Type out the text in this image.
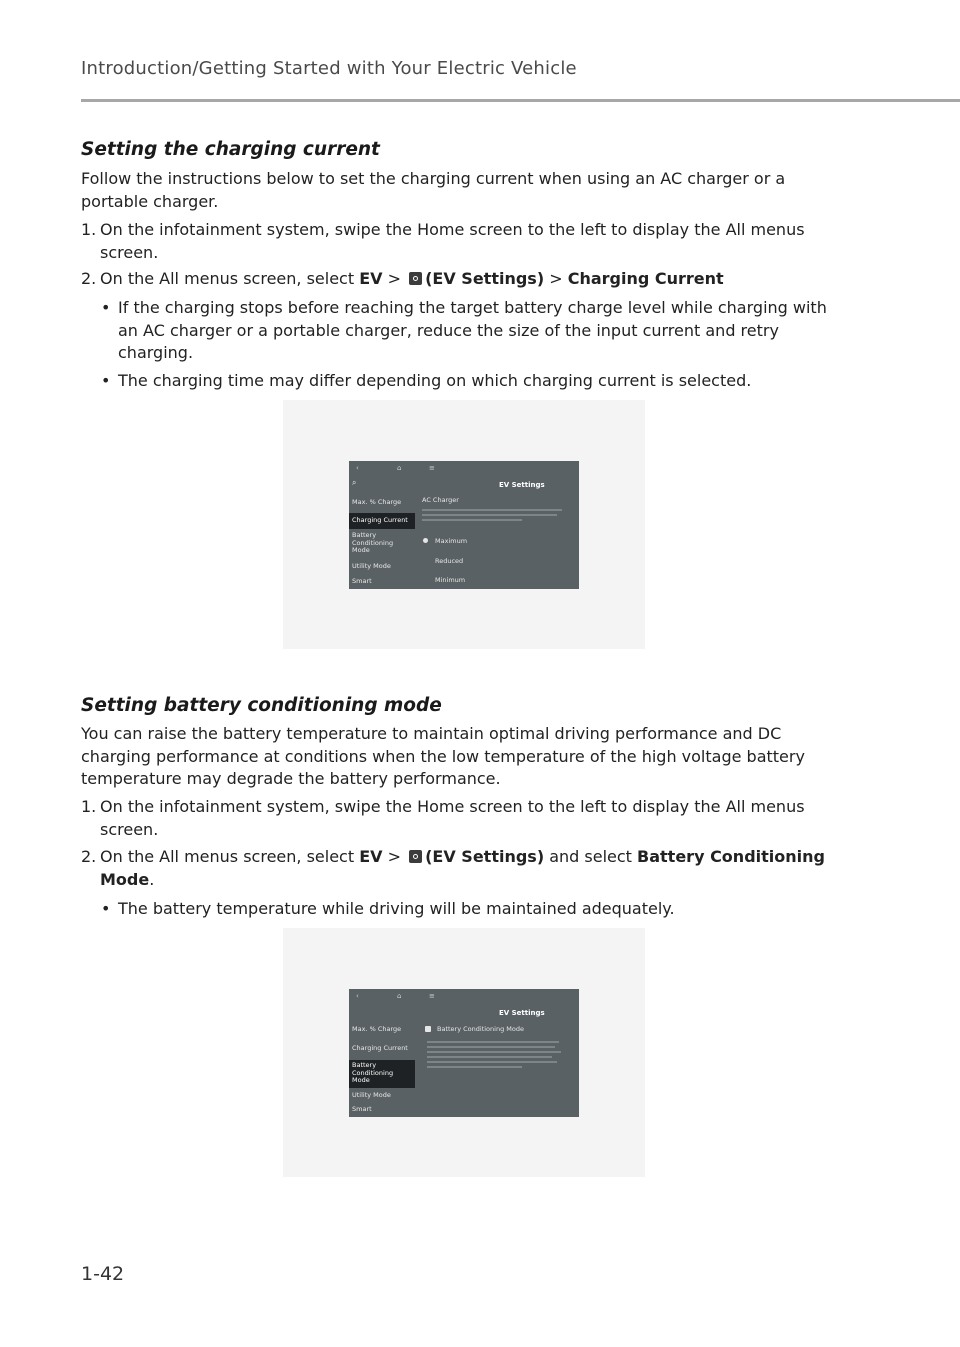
Introduction/Getting Started with Your Electric Vehicle
Setting the charging current
Follow the instructions below to set the charging current when using an AC charger or a portable charger.
1. On the infotainment system, swipe the Home screen to the left to display the All menus screen.
2. On the All menus screen, select EV > (EV Settings) > Charging Current
• If the charging stops before reaching the target battery charge level while charging with an AC charger or a portable charger, reduce the size of the input current and retry charging.
• The charging time may differ depending on which charging current is selected.
‹	⌂	≡
⌕
Max. % Charge
Charging Current
Battery Conditioning Mode
Utility Mode
Smart
EV Settings
AC Charger
Maximum
Reduced
Minimum
Setting battery conditioning mode
You can raise the battery temperature to maintain optimal driving performance and DC charging performance at conditions when the low temperature of the high voltage battery temperature may degrade the battery performance.
1. On the infotainment system, swipe the Home screen to the left to display the All menus screen.
2. On the All menus screen, select EV > (EV Settings) and select Battery Conditioning Mode.
• The battery temperature while driving will be maintained adequately.
‹	⌂	≡
Max. % Charge
Charging Current
Battery Conditioning Mode
Utility Mode
Smart
EV Settings
Battery Conditioning Mode
1-42
